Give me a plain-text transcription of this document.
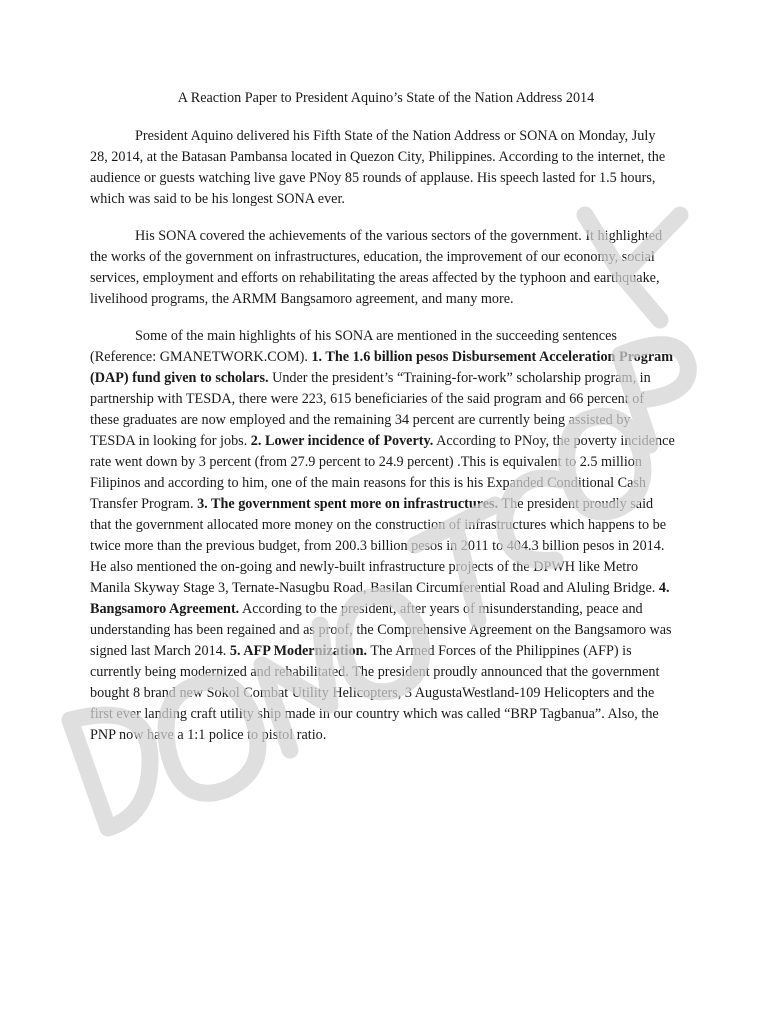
A Reaction Paper to President Aquino’s State of the Nation Address 2014

President Aquino delivered his Fifth State of the Nation Address or SONA on Monday, July 28, 2014, at the Batasan Pambansa located in Quezon City, Philippines. According to the internet, the audience or guests watching live gave PNoy 85 rounds of applause. His speech lasted for 1.5 hours, which was said to be his longest SONA ever.

His SONA covered the achievements of the various sectors of the government. It highlighted the works of the government on infrastructures, education, the improvement of our economy, social services, employment and efforts on rehabilitating the areas affected by the typhoon and earthquake, livelihood programs, the ARMM Bangsamoro agreement, and many more.

Some of the main highlights of his SONA are mentioned in the succeeding sentences (Reference: GMANETWORK.COM). 1. The 1.6 billion pesos Disbursement Acceleration Program (DAP) fund given to scholars. Under the president’s “Training-for-work” scholarship program, in partnership with TESDA, there were 223, 615 beneficiaries of the said program and 66 percent of these graduates are now employed and the remaining 34 percent are currently being assisted by TESDA in looking for jobs. 2. Lower incidence of Poverty. According to PNoy, the poverty incidence rate went down by 3 percent (from 27.9 percent to 24.9 percent) .This is equivalent to 2.5 million Filipinos and according to him, one of the main reasons for this is his Expanded Conditional Cash Transfer Program. 3. The government spent more on infrastructures. The president proudly said that the government allocated more money on the construction of infrastructures which happens to be twice more than the previous budget, from 200.3 billion pesos in 2011 to 404.3 billion pesos in 2014. He also mentioned the on-going and newly-built infrastructure projects of the DPWH like Metro Manila Skyway Stage 3, Ternate-Nasugbu Road, Basilan Circumferential Road and Aluling Bridge. 4. Bangsamoro Agreement. According to the president, after years of misunderstanding, peace and understanding has been regained and as proof, the Comprehensive Agreement on the Bangsamoro was signed last March 2014. 5. AFP Modernization. The Armed Forces of the Philippines (AFP) is currently being modernized and rehabilitated. The president proudly announced that the government bought 8 brand new Sokol Combat Utility Helicopters, 3 AugustaWestland-109 Helicopters and the first ever landing craft utility ship made in our country which was called “BRP Tagbanua”. Also, the PNP now have a 1:1 police to pistol ratio.
